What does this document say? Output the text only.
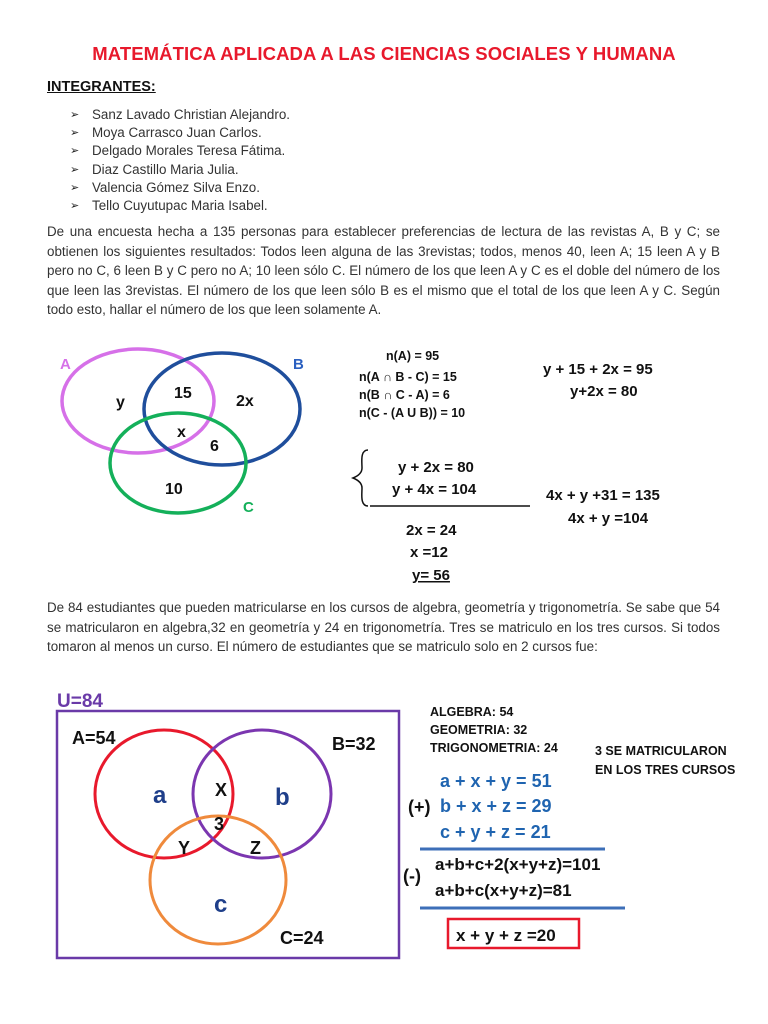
MATEMÁTICA APLICADA A LAS CIENCIAS SOCIALES Y HUMANA
INTEGRANTES:
➢ Sanz Lavado Christian Alejandro.
➢ Moya Carrasco Juan Carlos.
➢ Delgado Morales Teresa Fátima.
➢ Diaz Castillo Maria Julia.
➢ Valencia Gómez Silva Enzo.
➢ Tello Cuyutupac Maria Isabel.

De una encuesta hecha a 135 personas para establecer preferencias de lectura de las revistas A, B y C; se obtienen los siguientes resultados: Todos leen alguna de las 3revistas; todos, menos 40, leen A; 15 leen A y B pero no C, 6 leen B y C pero no A; 10 leen sólo C. El número de los que leen A y C es el doble del número de los que leen las 3revistas. El número de los que leen sólo B es el mismo que el total de los que leen A y C. Según todo esto, hallar el número de los que leen solamente A.

A	B
C
y
15	2x
x
6
10
n(A) = 95
n(A ∩ B - C) = 15
n(B ∩ C - A) = 6
n(C - (A U B)) = 10
y + 15 + 2x = 95
y+2x = 80
y + 2x = 80
y + 4x = 104	4x + y +31 = 135
4x + y =104
2x = 24
x =12
y= 56

De 84 estudiantes que pueden matricularse en los cursos de algebra, geometría y trigonometría. Se sabe que 54 se matricularon en algebra,32 en geometría y 24 en trigonometría. Tres se matriculo en los tres cursos. Si todos tomaron al menos un curso. El número de estudiantes que se matriculo solo en 2 cursos fue:

U=84
A=54	B=32
C=24
X
3
Y	Z
a	b
c
ALGEBRA: 54
GEOMETRIA: 32
TRIGONOMETRIA: 24	3 SE MATRICULARON
EN LOS TRES CURSOS
(+)
a + x + y = 51
b + x + z = 29
c + y + z = 21
(-)
a+b+c+2(x+y+z)=101
a+b+c(x+y+z)=81
x + y + z =20
